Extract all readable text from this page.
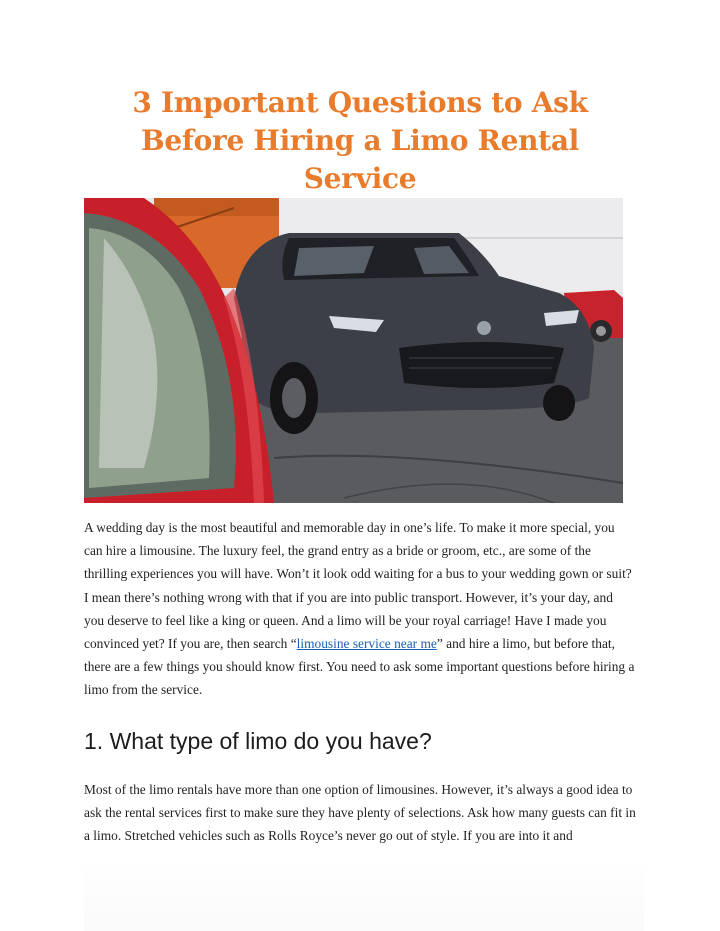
3 Important Questions to Ask
Before Hiring a Limo Rental
Service

A wedding day is the most beautiful and memorable day in one’s life. To make it more special, you can hire a limousine. The luxury feel, the grand entry as a bride or groom, etc., are some of the thrilling experiences you will have. Won’t it look odd waiting for a bus to your wedding gown or suit? I mean there’s nothing wrong with that if you are into public transport. However, it’s your day, and you deserve to feel like a king or queen. And a limo will be your royal carriage! Have I made you convinced yet? If you are, then search “limousine service near me” and hire a limo, but before that, there are a few things you should know first. You need to ask some important questions before hiring a limo from the service.

1. What type of limo do you have?

Most of the limo rentals have more than one option of limousines. However, it’s always a good idea to ask the rental services first to make sure they have plenty of selections. Ask how many guests can fit in a limo. Stretched vehicles such as Rolls Royce’s never go out of style. If you are into it and
